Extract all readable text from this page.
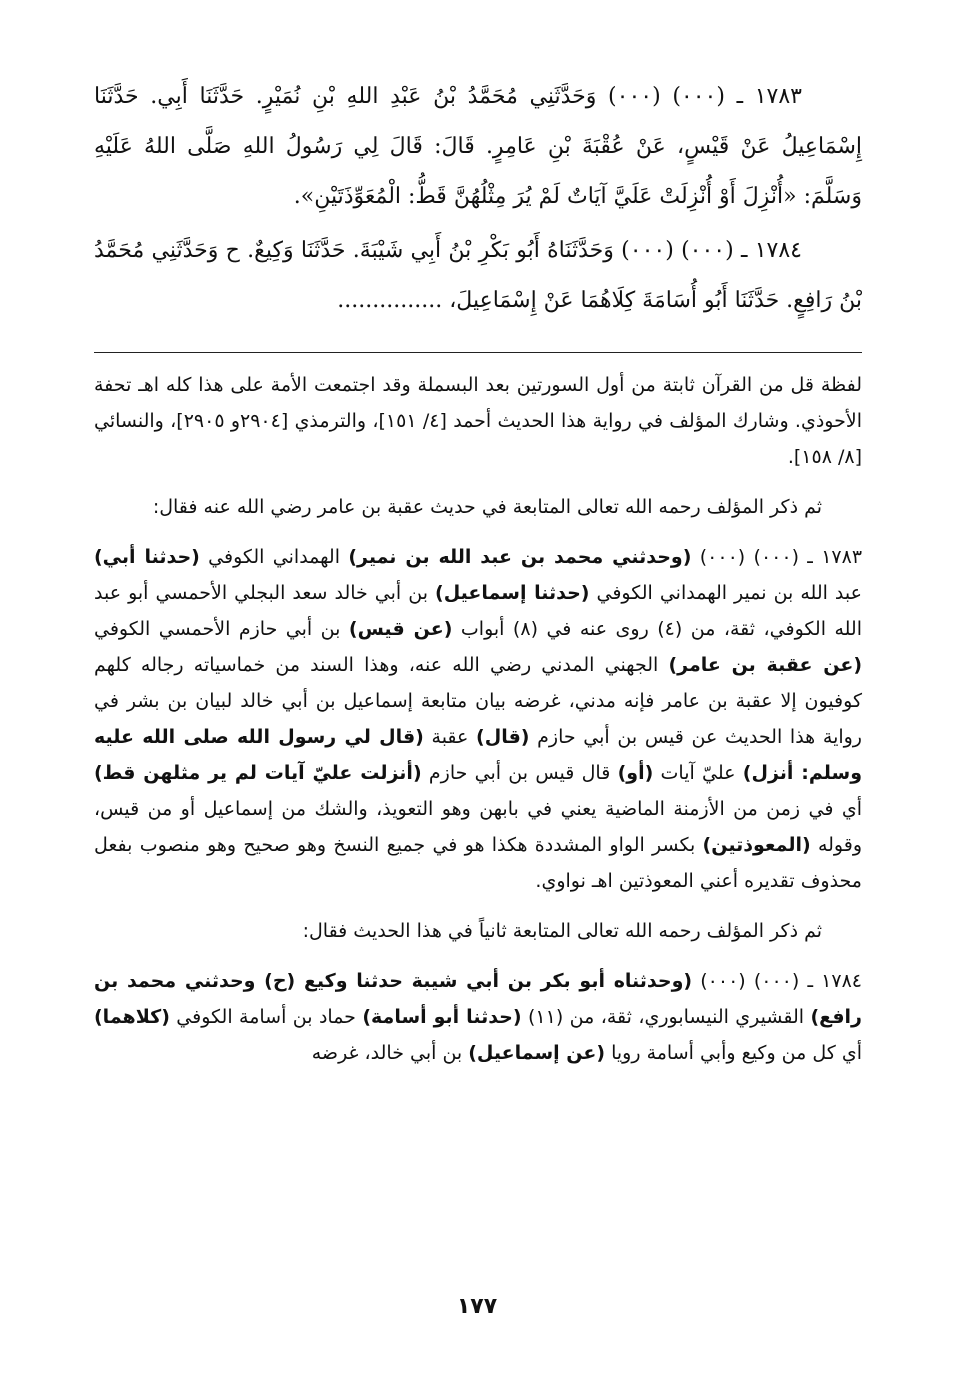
١٧٨٣ ـ (٠٠٠) (٠٠٠) وَحَدَّثَنِي مُحَمَّدُ بْنُ عَبْدِ اللهِ بْنِ نُمَيْرٍ. حَدَّثَنَا أَبِي. حَدَّثَنَا إِسْمَاعِيلُ عَنْ قَيْسٍ، عَنْ عُقْبَةَ بْنِ عَامِرٍ. قَالَ: قَالَ لِي رَسُولُ اللهِ صَلَّى اللهُ عَلَيْهِ وَسَلَّمَ: «أُنْزِلَ أَوْ أُنْزِلَتْ عَلَيَّ آيَاتٌ لَمْ يُرَ مِثْلُهُنَّ قَطُّ: الْمُعَوِّذَتَيْنِ».

١٧٨٤ ـ (٠٠٠) (٠٠٠) وَحَدَّثَنَاهُ أَبُو بَكْرِ بْنُ أَبِي شَيْبَةَ. حَدَّثَنَا وَكِيعٌ. ح وَحَدَّثَنِي مُحَمَّدُ بْنُ رَافِعٍ. حَدَّثَنَا أَبُو أُسَامَةَ كِلَاهُمَا عَنْ إِسْمَاعِيلَ، ...............

لفظة قل من القرآن ثابتة من أول السورتين بعد البسملة وقد اجتمعت الأمة على هذا كله اهـ تحفة الأحوذي. وشارك المؤلف في رواية هذا الحديث أحمد [٤/ ١٥١]، والترمذي [٢٩٠٤و ٢٩٠٥]، والنسائي [٨/ ١٥٨].

ثم ذكر المؤلف رحمه الله تعالى المتابعة في حديث عقبة بن عامر رضي الله عنه فقال:

١٧٨٣ ـ (٠٠٠) (٠٠٠) (وحدثني محمد بن عبد الله بن نمير) الهمداني الكوفي (حدثنا أبي) عبد الله بن نمير الهمداني الكوفي (حدثنا إسماعيل) بن أبي خالد سعد البجلي الأحمسي أبو عبد الله الكوفي، ثقة، من (٤) روى عنه في (٨) أبواب (عن قيس) بن أبي حازم الأحمسي الكوفي (عن عقبة بن عامر) الجهني المدني رضي الله عنه، وهذا السند من خماسياته رجاله كلهم كوفيون إلا عقبة بن عامر فإنه مدني، غرضه بيان متابعة إسماعيل بن أبي خالد لبيان بن بشر في رواية هذا الحديث عن قيس بن أبي حازم (قال) عقبة (قال لي رسول الله صلى الله عليه وسلم: أنزل) عليّ آيات (أو) قال قيس بن أبي حازم (أنزلت عليّ آيات لم ير مثلهن قط) أي في زمن من الأزمنة الماضية يعني في بابهن وهو التعويذ، والشك من إسماعيل أو من قيس، وقوله (المعوذتين) بكسر الواو المشددة هكذا هو في جميع النسخ وهو صحيح وهو منصوب بفعل محذوف تقديره أعني المعوذتين اهـ نواوي.

ثم ذكر المؤلف رحمه الله تعالى المتابعة ثانياً في هذا الحديث فقال:

١٧٨٤ ـ (٠٠٠) (٠٠٠) (وحدثناه أبو بكر بن أبي شيبة حدثنا وكيع (ح) وحدثني محمد بن رافع) القشيري النيسابوري، ثقة، من (١١) (حدثنا أبو أسامة) حماد بن أسامة الكوفي (كلاهما) أي كل من وكيع وأبي أسامة رويا (عن إسماعيل) بن أبي خالد، غرضه

١٧٧
